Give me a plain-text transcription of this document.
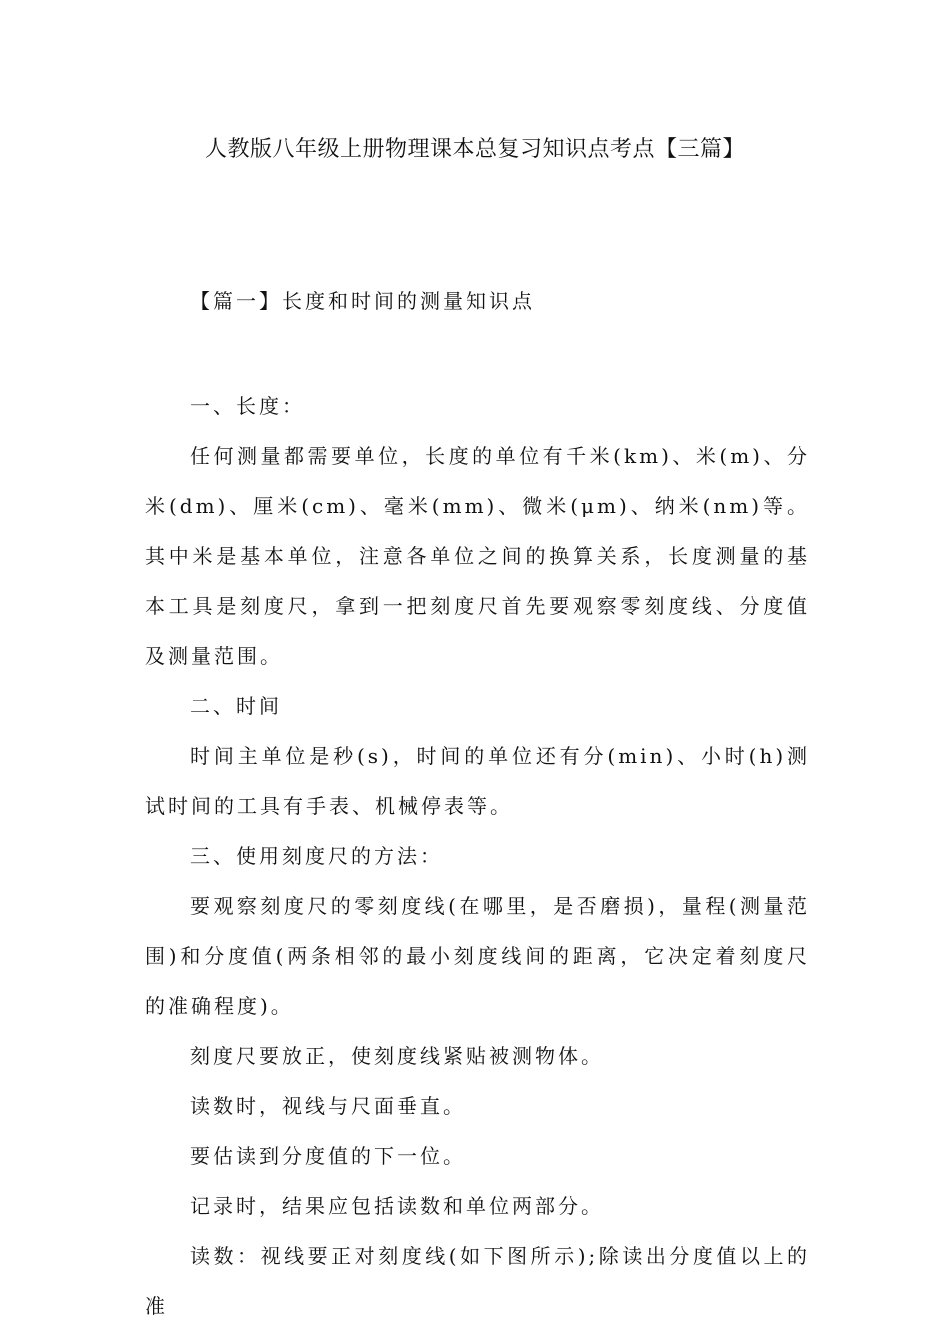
人教版八年级上册物理课本总复习知识点考点【三篇】
【篇一】长度和时间的测量知识点

一、长度：

任何测量都需要单位，长度的单位有千米(km)、米(m)、分米(dm)、厘米(cm)、毫米(mm)、微米(μm)、纳米(nm)等。其中米是基本单位，注意各单位之间的换算关系，长度测量的基本工具是刻度尺，拿到一把刻度尺首先要观察零刻度线、分度值及测量范围。

二、时间

时间主单位是秒(s)，时间的单位还有分(min)、小时(h)测试时间的工具有手表、机械停表等。

三、使用刻度尺的方法：

要观察刻度尺的零刻度线(在哪里，是否磨损)，量程(测量范围)和分度值(两条相邻的最小刻度线间的距离，它决定着刻度尺的准确程度)。

刻度尺要放正，使刻度线紧贴被测物体。

读数时，视线与尺面垂直。

要估读到分度值的下一位。

记录时，结果应包括读数和单位两部分。

读数：视线要正对刻度线(如下图所示);除读出分度值以上的准
